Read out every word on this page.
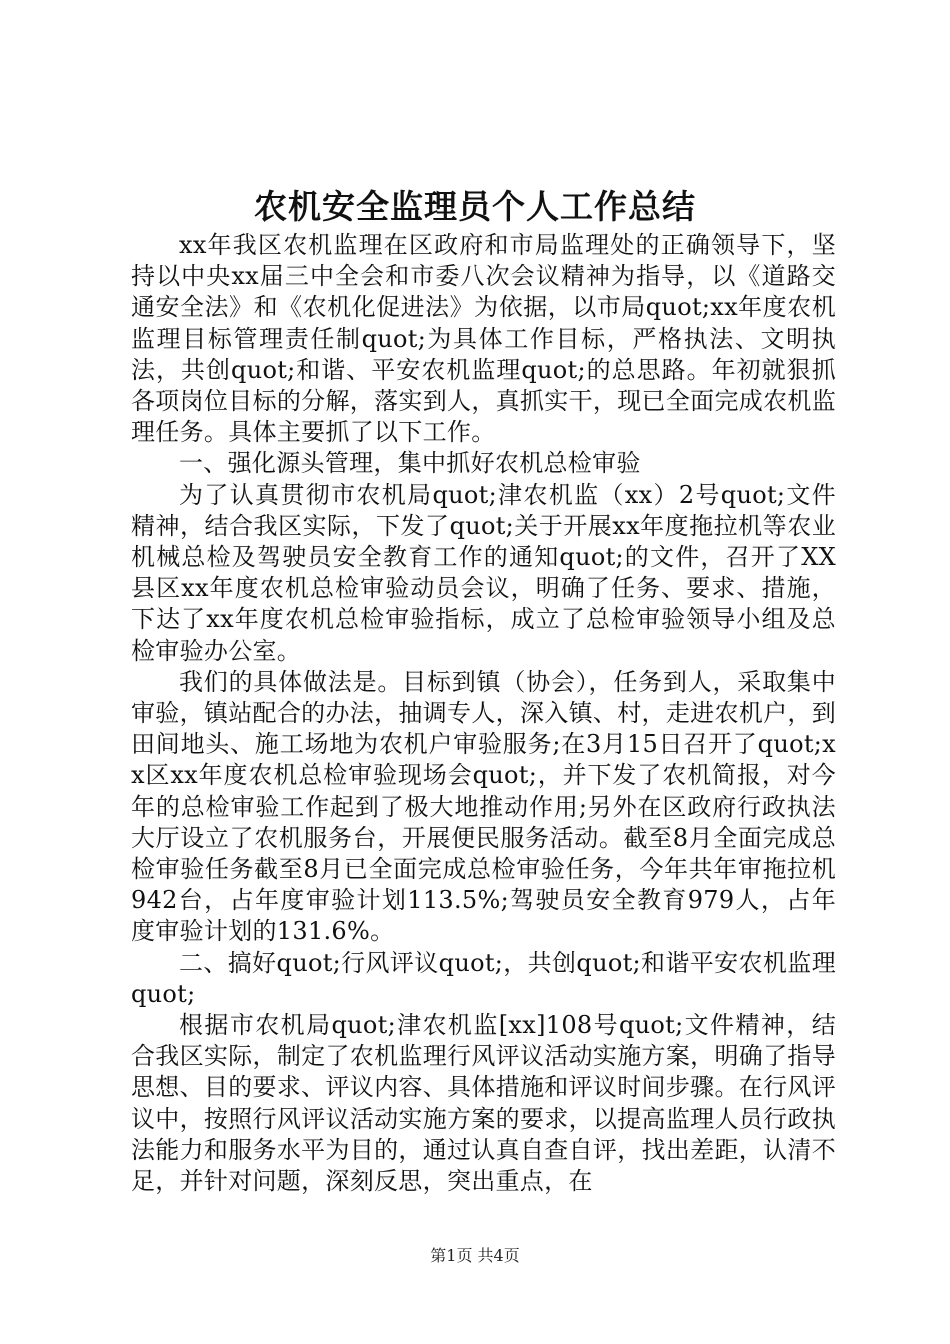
农机安全监理员个人工作总结

xx年我区农机监理在区政府和市局监理处的正确领导下，坚持以中央xx届三中全会和市委八次会议精神为指导，以《道路交通安全法》和《农机化促进法》为依据，以市局quot;xx年度农机监理目标管理责任制quot;为具体工作目标，严格执法、文明执法，共创quot;和谐、平安农机监理quot;的总思路。年初就狠抓各项岗位目标的分解，落实到人，真抓实干，现已全面完成农机监理任务。具体主要抓了以下工作。

一、强化源头管理，集中抓好农机总检审验

为了认真贯彻市农机局quot;津农机监（xx）2号quot;文件精神，结合我区实际，下发了quot;关于开展xx年度拖拉机等农业机械总检及驾驶员安全教育工作的通知quot;的文件，召开了XX县区xx年度农机总检审验动员会议，明确了任务、要求、措施，下达了xx年度农机总检审验指标，成立了总检审验领导小组及总检审验办公室。

我们的具体做法是。目标到镇（协会），任务到人，采取集中审验，镇站配合的办法，抽调专人，深入镇、村，走进农机户，到田间地头、施工场地为农机户审验服务;在3月15日召开了quot;xx区xx年度农机总检审验现场会quot;，并下发了农机简报，对今年的总检审验工作起到了极大地推动作用;另外在区政府行政执法大厅设立了农机服务台，开展便民服务活动。截至8月全面完成总检审验任务截至8月已全面完成总检审验任务，今年共年审拖拉机942台，占年度审验计划113.5%;驾驶员安全教育979人，占年度审验计划的131.6%。

二、搞好quot;行风评议quot;，共创quot;和谐平安农机监理quot;

根据市农机局quot;津农机监[xx]108号quot;文件精神，结合我区实际，制定了农机监理行风评议活动实施方案，明确了指导思想、目的要求、评议内容、具体措施和评议时间步骤。在行风评议中，按照行风评议活动实施方案的要求，以提高监理人员行政执法能力和服务水平为目的，通过认真自查自评，找出差距，认清不足，并针对问题，深刻反思，突出重点，在

第1页 共4页
